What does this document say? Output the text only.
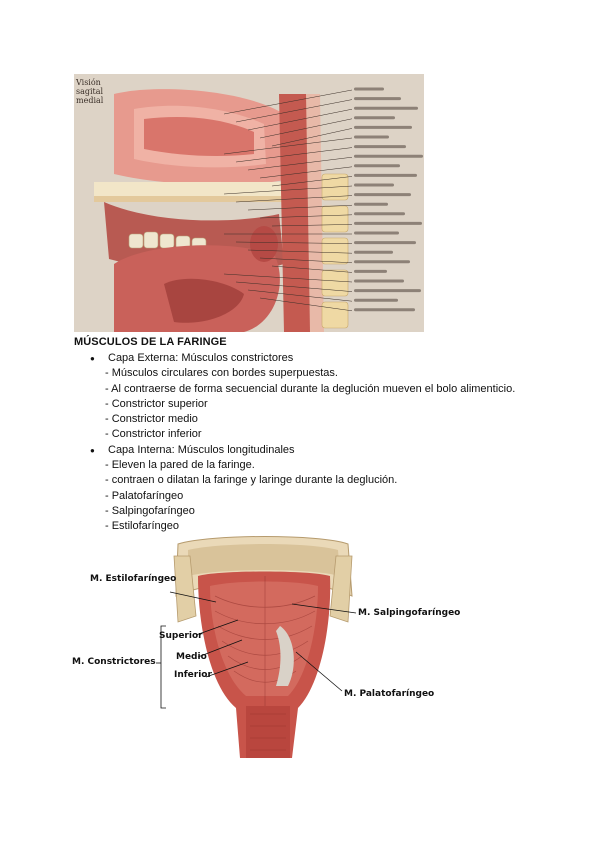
Visión sagital medial
MÚSCULOS DE LA FARINGE
● Capa Externa: Músculos constrictores
- Músculos circulares con bordes superpuestas.
- Al contraerse de forma secuencial durante la deglución mueven el bolo alimenticio.
- Constrictor superior
- Constrictor medio
- Constrictor inferior
● Capa Interna: Músculos longitudinales
- Eleven la pared de la faringe.
- contraen o dilatan la faringe y laringe durante la deglución.
- Palatofaríngeo
- Salpingofaríngeo
- Estilofaríngeo
M. Estilofaríngeo
M. Salpingofaríngeo
Superior
Medio
Inferior
M. Constrictores
M. Palatofaríngeo
